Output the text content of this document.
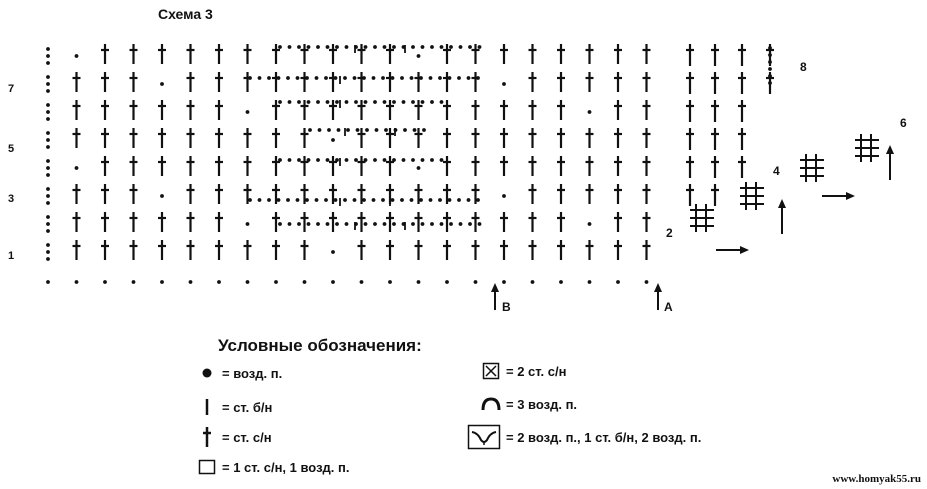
Схема 3
7
5
3
1
В	А
2
4
6
8
Условные обозначения:
= возд. п.
= ст. б/н
= ст. с/н
= 1 ст. с/н, 1 возд. п.
= 2 ст. с/н
= 3 возд. п.
= 2 возд. п., 1 ст. б/н, 2 возд. п.
www.homyak55.ru
